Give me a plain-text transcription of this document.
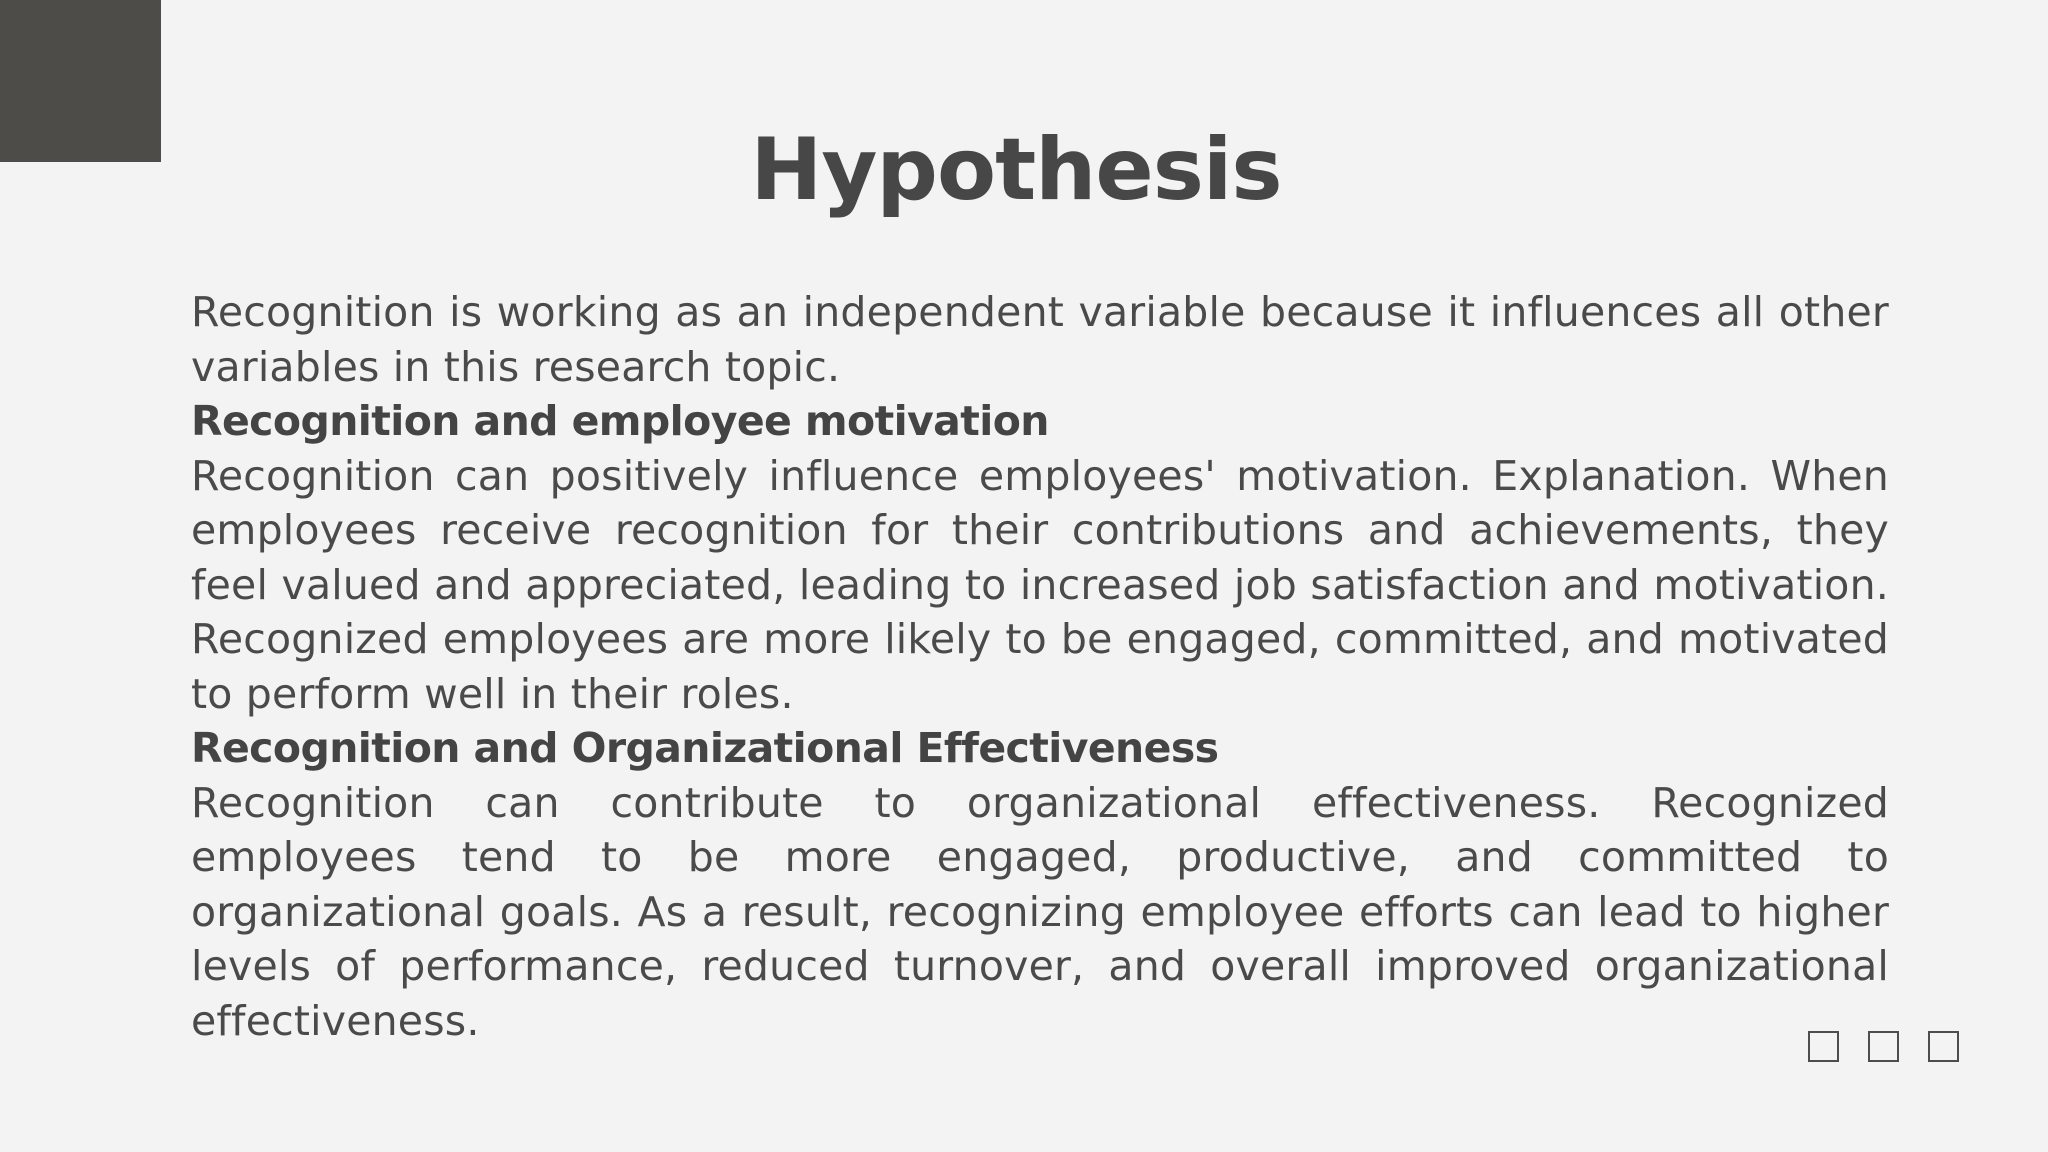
Hypothesis

Recognition is working as an independent variable because it influences all other variables in this research topic.

Recognition and employee motivation

Recognition can positively influence employees' motivation. Explanation. When employees receive recognition for their contributions and achievements, they feel valued and appreciated, leading to increased job satisfaction and motivation. Recognized employees are more likely to be engaged, committed, and motivated to perform well in their roles.

Recognition and Organizational Effectiveness

Recognition can contribute to organizational effectiveness. Recognized employees tend to be more engaged, productive, and committed to organizational goals. As a result, recognizing employee efforts can lead to higher levels of performance, reduced turnover, and overall improved organizational effectiveness.
